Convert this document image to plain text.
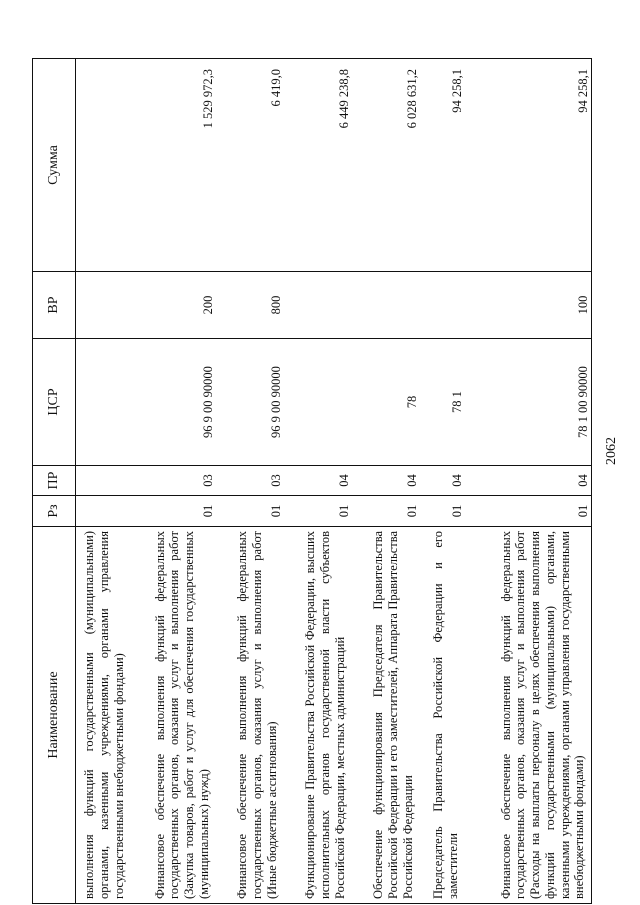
2062
Наименование	Рз	ПР	ЦСР	ВР	Сумма
выполнения функций государственными (муниципальными) органами, казенными учреждениями, органами управления государственными внебюджетными фондами)					
Финансовое обеспечение выполнения функций федеральных государственных органов, оказания услуг и выполнения работ (Закупка товаров, работ и услуг для обеспечения государственных (муниципальных) нужд)	01	03	96 9 00 90000	200	1 529 972,3
Финансовое обеспечение выполнения функций федеральных государственных органов, оказания услуг и выполнения работ (Иные бюджетные ассигнования)	01	03	96 9 00 90000	800	6 419,0
Функционирование Правительства Российской Федерации, высших исполнительных органов государственной власти субъектов Российской Федерации, местных администраций	01	04			6 449 238,8
Обеспечение функционирования Председателя Правительства Российской Федерации и его заместителей, Аппарата Правительства Российской Федерации	01	04	78		6 028 631,2
Председатель Правительства Российской Федерации и его заместители	01	04	78 1		94 258,1
Финансовое обеспечение выполнения функций федеральных государственных органов, оказания услуг и выполнения работ (Расходы на выплаты персоналу в целях обеспечения выполнения функций государственными (муниципальными) органами, казенными учреждениями, органами управления государственными внебюджетными фондами)	01	04	78 1 00 90000	100	94 258,1
